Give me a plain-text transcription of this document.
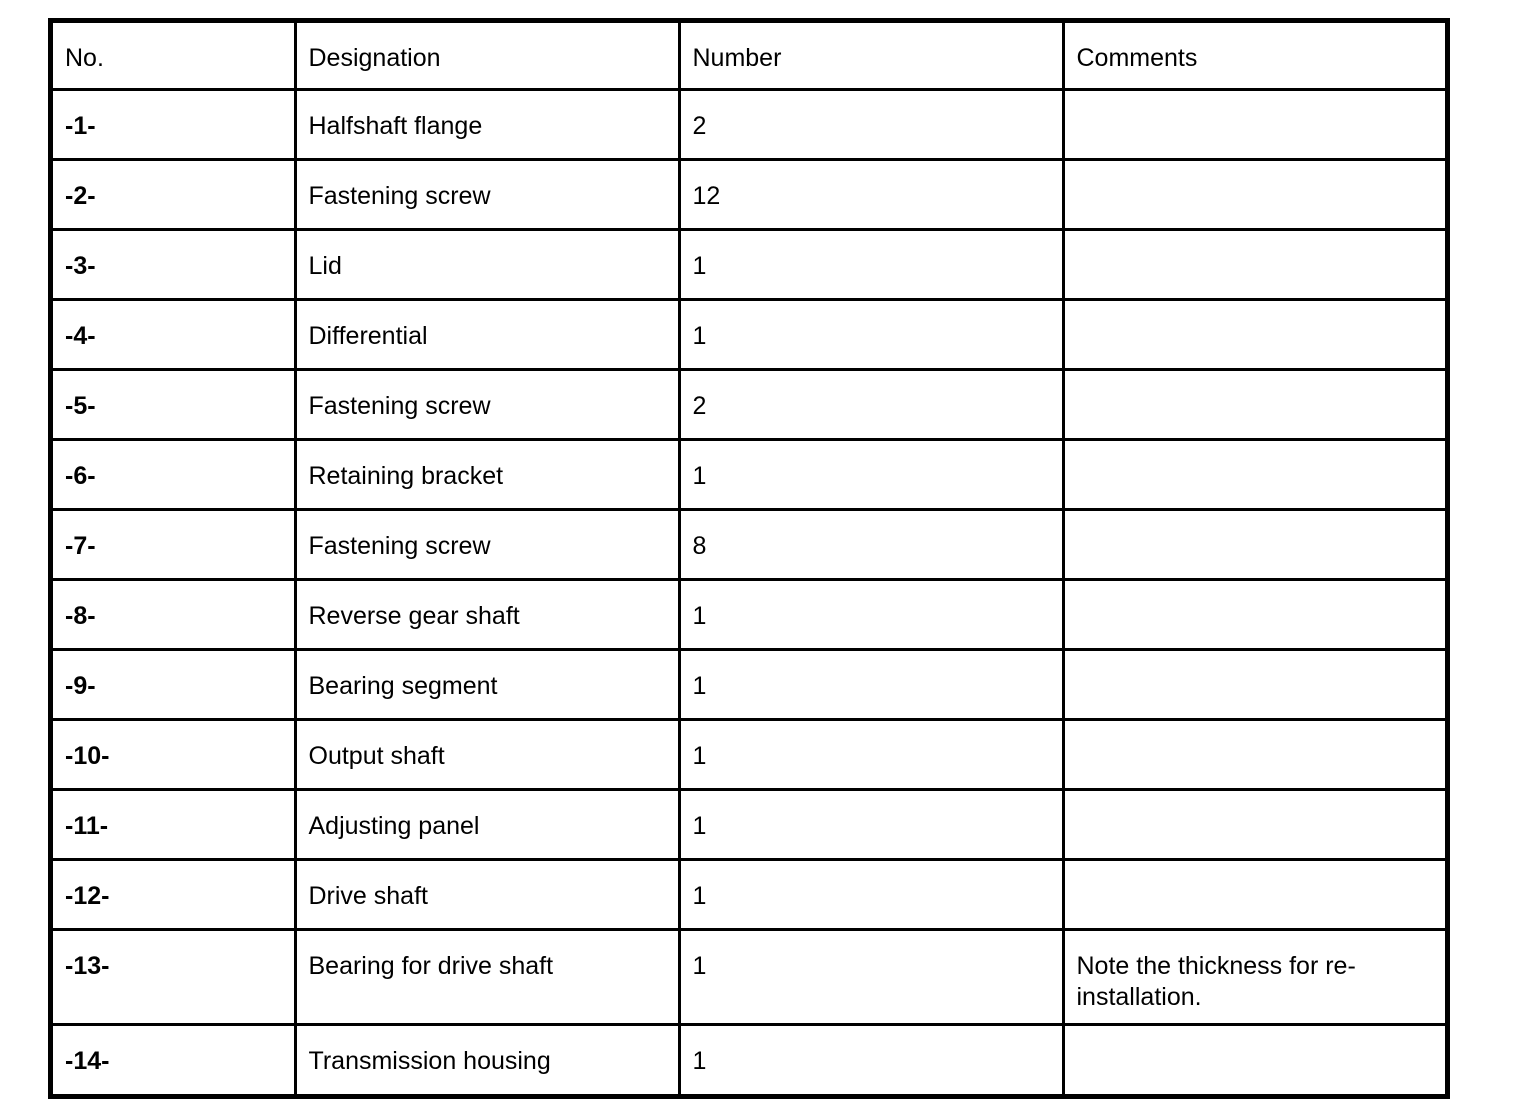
No.	Designation	Number	Comments
-1-	Halfshaft flange	2	
-2-	Fastening screw	12	
-3-	Lid	1	
-4-	Differential	1	
-5-	Fastening screw	2	
-6-	Retaining bracket	1	
-7-	Fastening screw	8	
-8-	Reverse gear shaft	1	
-9-	Bearing segment	1	
-10-	Output shaft	1	
-11-	Adjusting panel	1	
-12-	Drive shaft	1	
-13-	Bearing for drive shaft	1	Note the thickness for re-installation.
-14-	Transmission housing	1	
